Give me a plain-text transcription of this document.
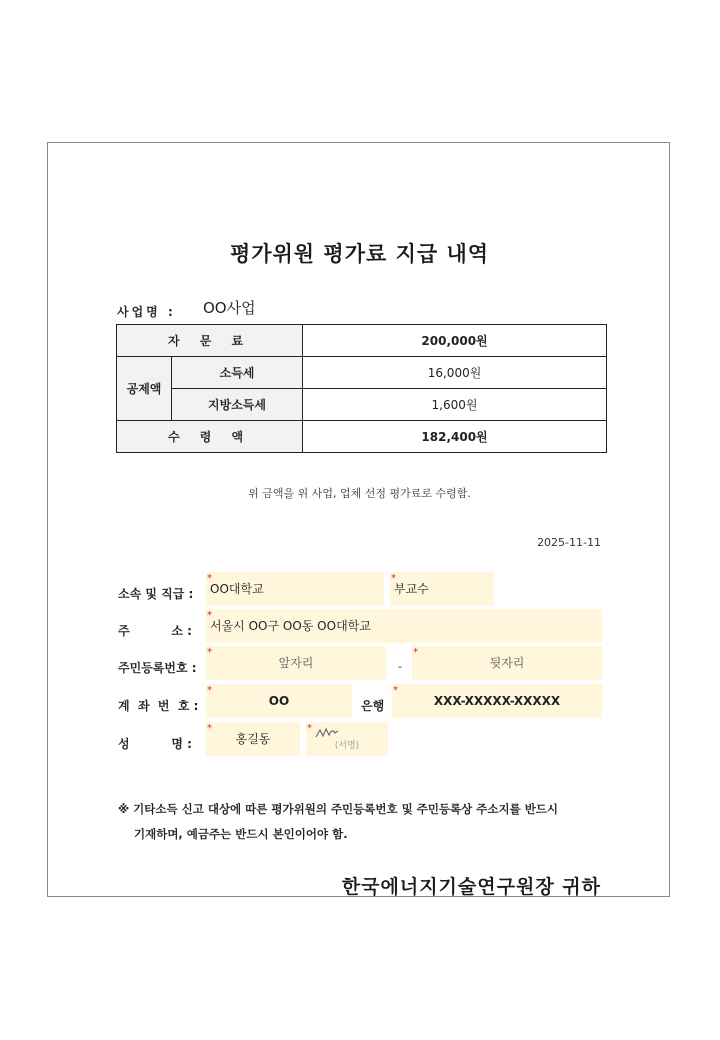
평가위원 평가료 지급 내역
사업명 : OO사업
자 문 료		200,000원
공제액	소득세	16,000원
	지방소득세	1,600원
수 령 액		182,400원
위 금액을 위 사업, 업체 선정 평가료로 수령함.
2025-11-11
소속 및 직급 :	OO대학교
*
부교수
*
주          소 :	서울시 OO구 OO동 OO대학교
*
주민등록번호 :	앞자리
*
-	뒷자리
*
계  좌  번  호 :	OO
*
은행	XXX-XXXXX-XXXXX
*
성          명 :	홍길동
*
(서명)
*
※ 기타소득 신고 대상에 따른 평가위원의 주민등록번호 및 주민등록상 주소지를 반드시
기재하며, 예금주는 반드시 본인이어야 함.
한국에너지기술연구원장 귀하
